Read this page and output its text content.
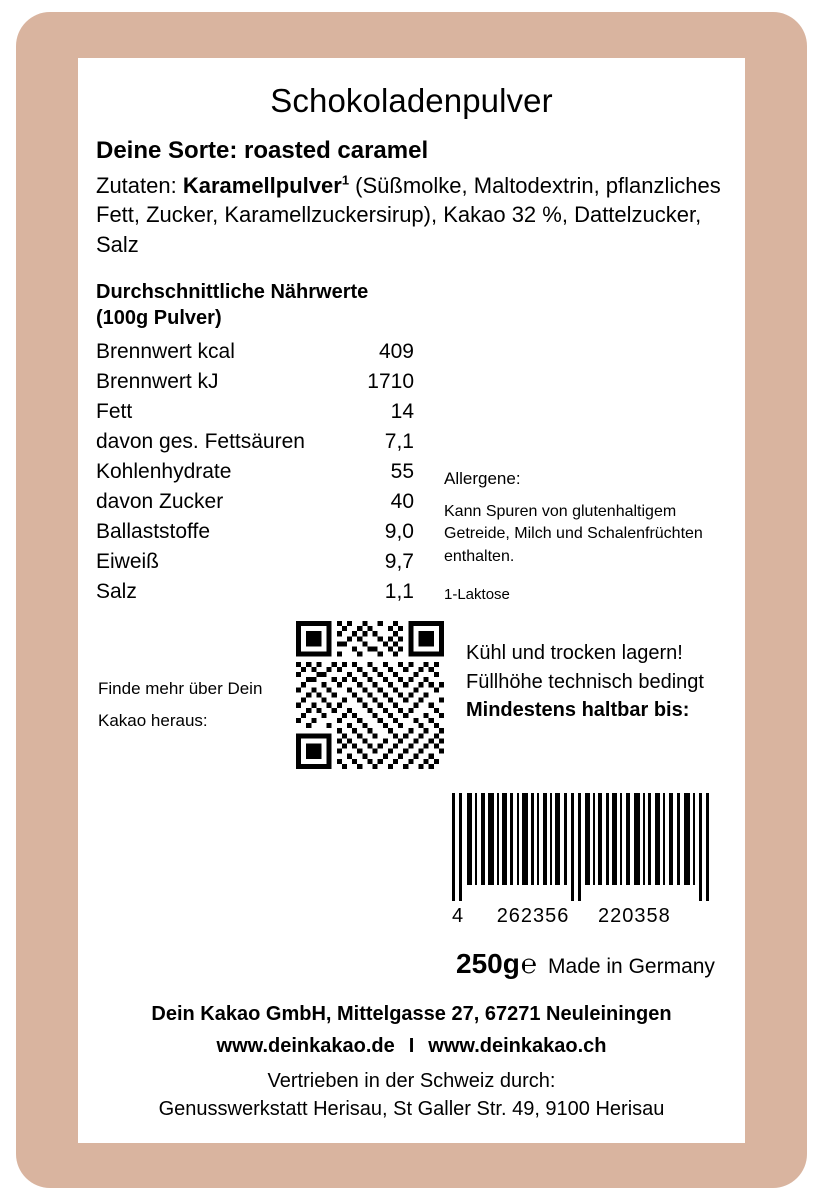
Schokoladenpulver
Deine Sorte: roasted caramel
Zutaten: Karamellpulver$^1$ (Süßmolke, Maltodextrin, pflanzliches Fett, Zucker, Karamellzuckersirup), Kakao 32 %, Dattelzucker, Salz
Durchschnittliche Nährwerte
(100g Pulver)
Brennwert kcal	409
Brennwert kJ	1710
Fett	14
davon ges. Fettsäuren	7,1
Kohlenhydrate	55
davon Zucker	40
Ballaststoffe	9,0
Eiweiß	9,7
Salz	1,1
Allergene:
Kann Spuren von glutenhaltigem Getreide, Milch und Schalenfrüchten enthalten.
1-Laktose
Finde mehr über Dein Kakao heraus:
Kühl und trocken lagern!
Füllhöhe technisch bedingt
Mindestens haltbar bis:
4 262356 220358
250g ℮ Made in Germany
Dein Kakao GmbH, Mittelgasse 27, 67271 Neuleiningen
www.deinkakao.de I www.deinkakao.ch
Vertrieben in der Schweiz durch:
Genusswerkstatt Herisau, St Galler Str. 49, 9100 Herisau
